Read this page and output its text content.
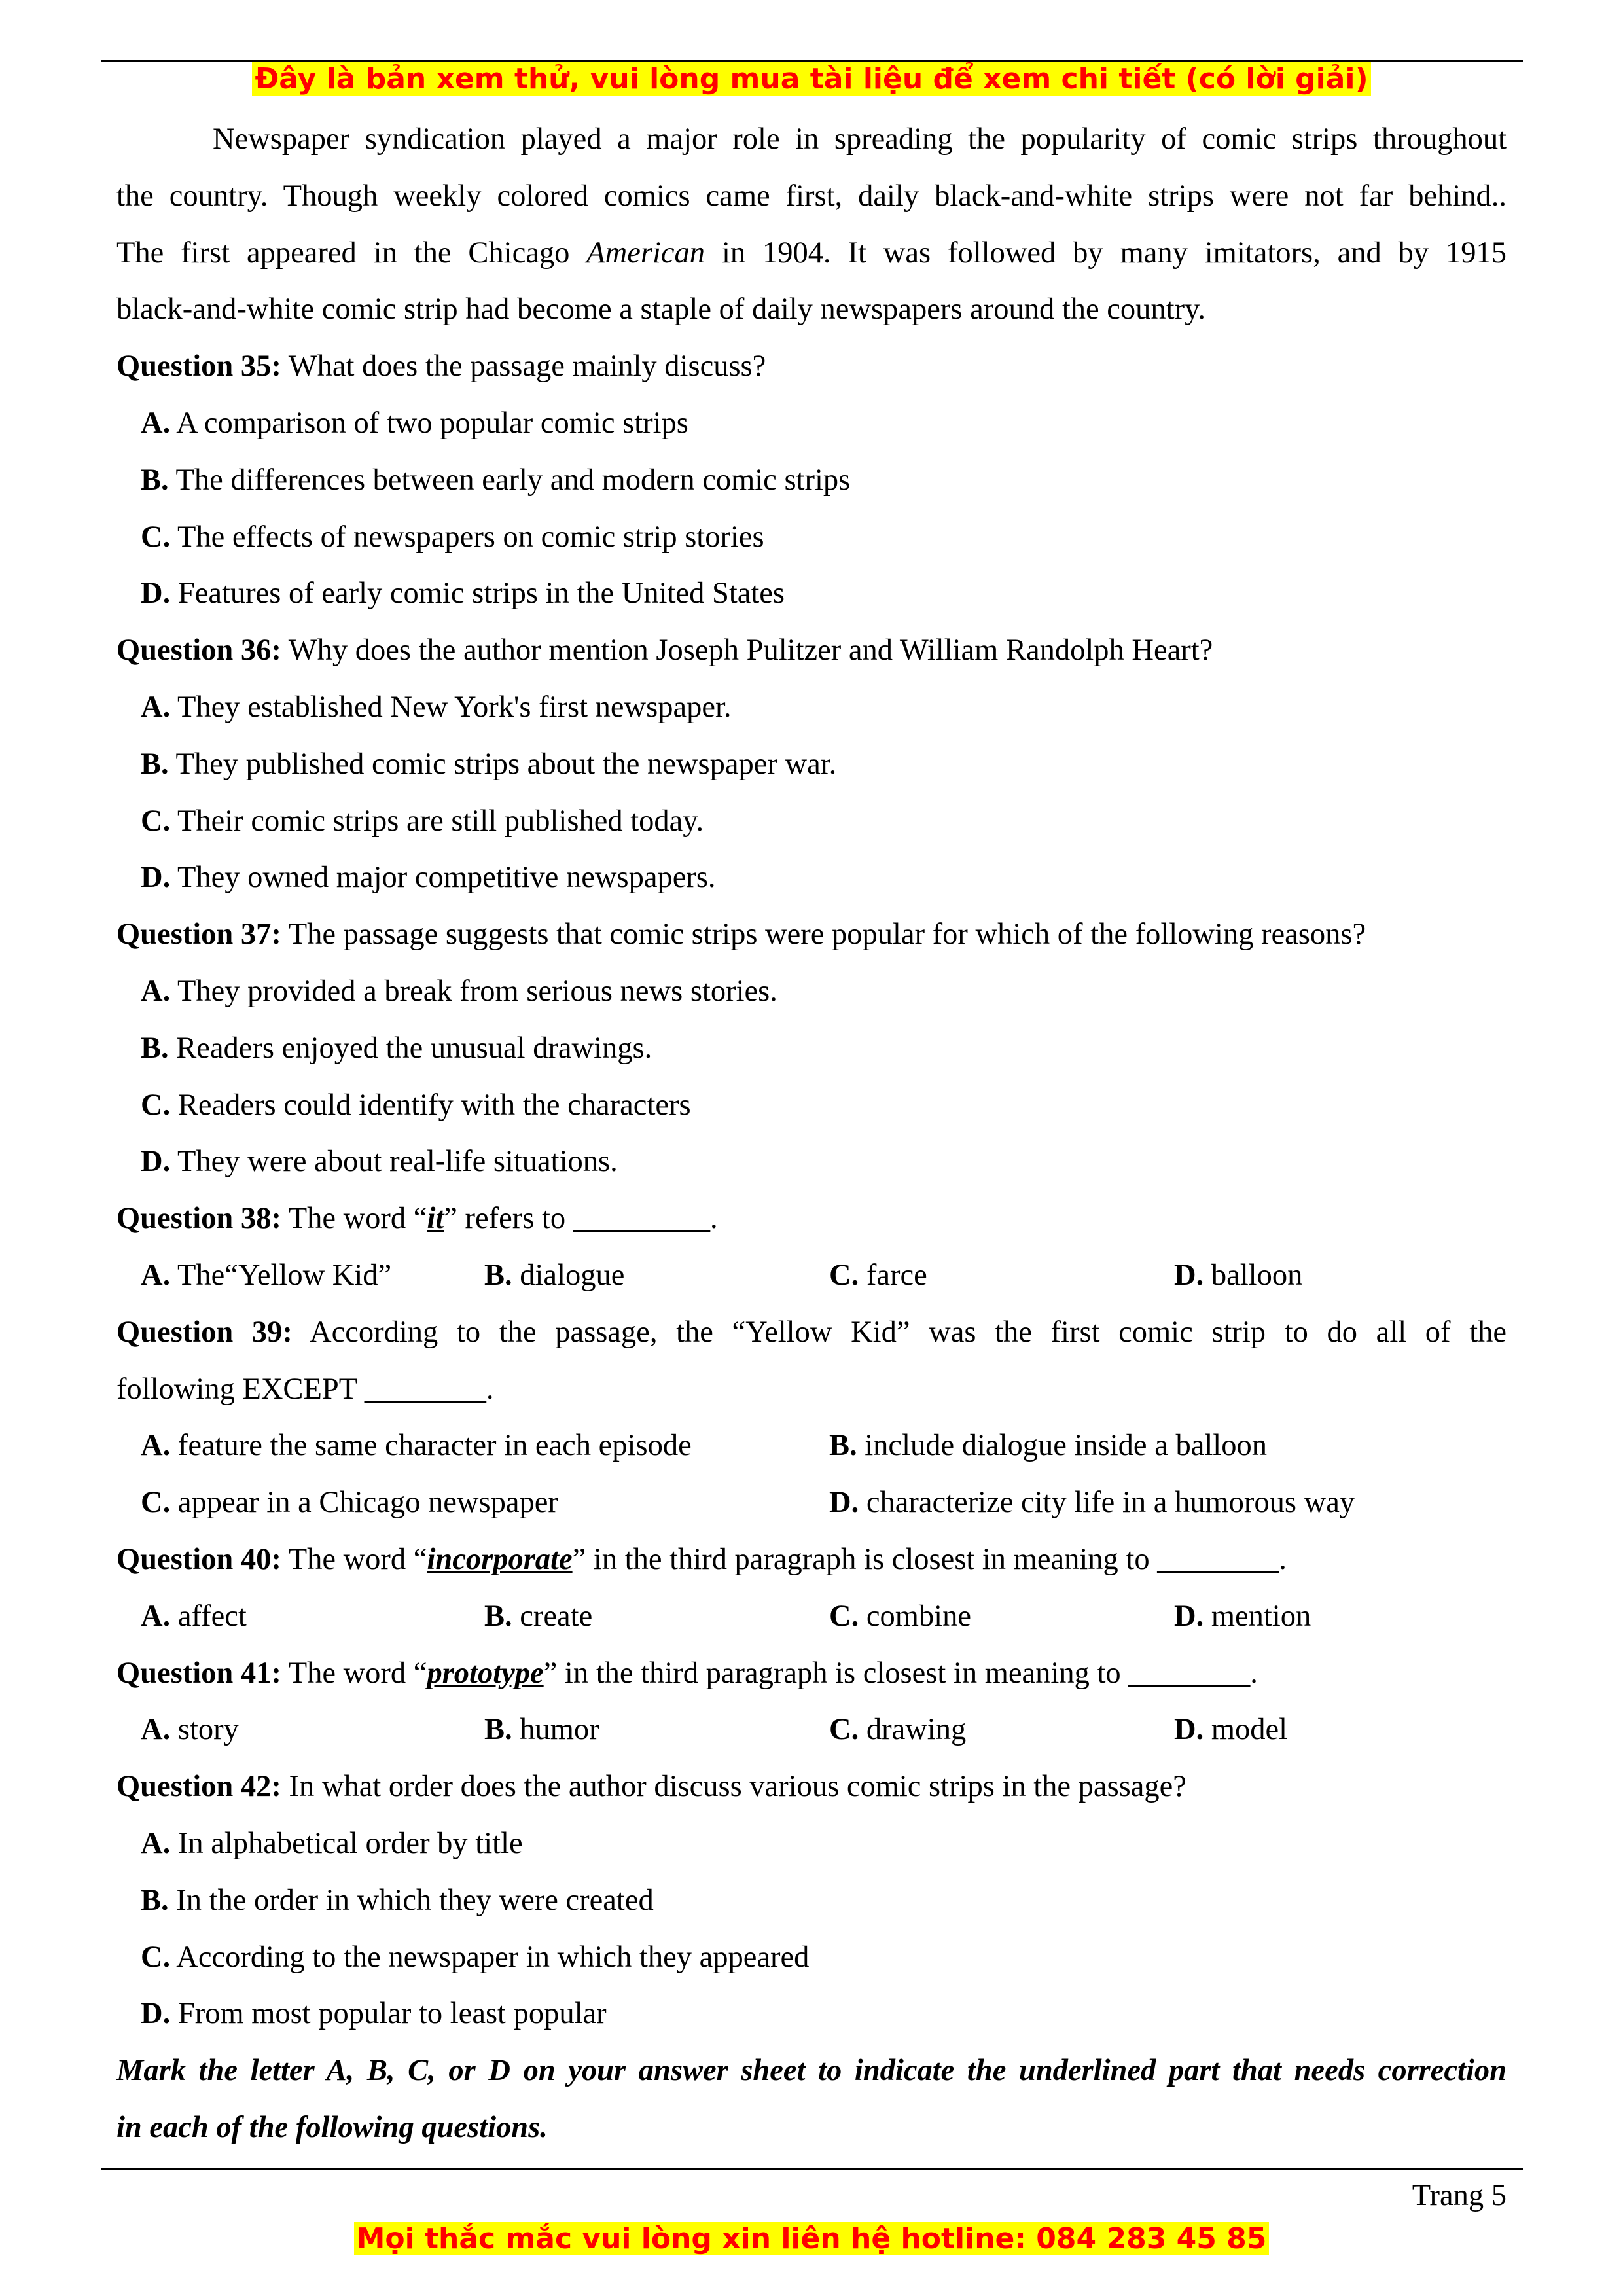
Đây là bản xem thử, vui lòng mua tài liệu để xem chi tiết (có lời giải)
Newspaper syndication played a major role in spreading the popularity of comic strips throughout
the country. Though weekly colored comics came first, daily black-and-white strips were not far behind..
The first appeared in the Chicago American in 1904. It was followed by many imitators, and by 1915
black-and-white comic strip had become a staple of daily newspapers around the country.
Question 35: What does the passage mainly discuss?
A. A comparison of two popular comic strips
B. The differences between early and modern comic strips
C. The effects of newspapers on comic strip stories
D. Features of early comic strips in the United States
Question 36: Why does the author mention Joseph Pulitzer and William Randolph Heart?
A. They established New York's first newspaper.
B. They published comic strips about the newspaper war.
C. Their comic strips are still published today.
D. They owned major competitive newspapers.
Question 37: The passage suggests that comic strips were popular for which of the following reasons?
A. They provided a break from serious news stories.
B. Readers enjoyed the unusual drawings.
C. Readers could identify with the characters
D. They were about real-life situations.
Question 38: The word “it” refers to _________.
A. The“Yellow Kid”	B. dialogue	C. farce	D. balloon
Question 39: According to the passage, the “Yellow Kid” was the first comic strip to do all of the
following EXCEPT ________.
A. feature the same character in each episode	B. include dialogue inside a balloon
C. appear in a Chicago newspaper	D. characterize city life in a humorous way
Question 40: The word “incorporate” in the third paragraph is closest in meaning to ________.
A. affect	B. create	C. combine	D. mention
Question 41: The word “prototype” in the third paragraph is closest in meaning to ________.
A. story	B. humor	C. drawing	D. model
Question 42: In what order does the author discuss various comic strips in the passage?
A. In alphabetical order by title
B. In the order in which they were created
C. According to the newspaper in which they appeared
D. From most popular to least popular
Mark the letter A, B, C, or D on your answer sheet to indicate the underlined part that needs correction
in each of the following questions.
Trang 5
Mọi thắc mắc vui lòng xin liên hệ hotline: 084 283 45 85
